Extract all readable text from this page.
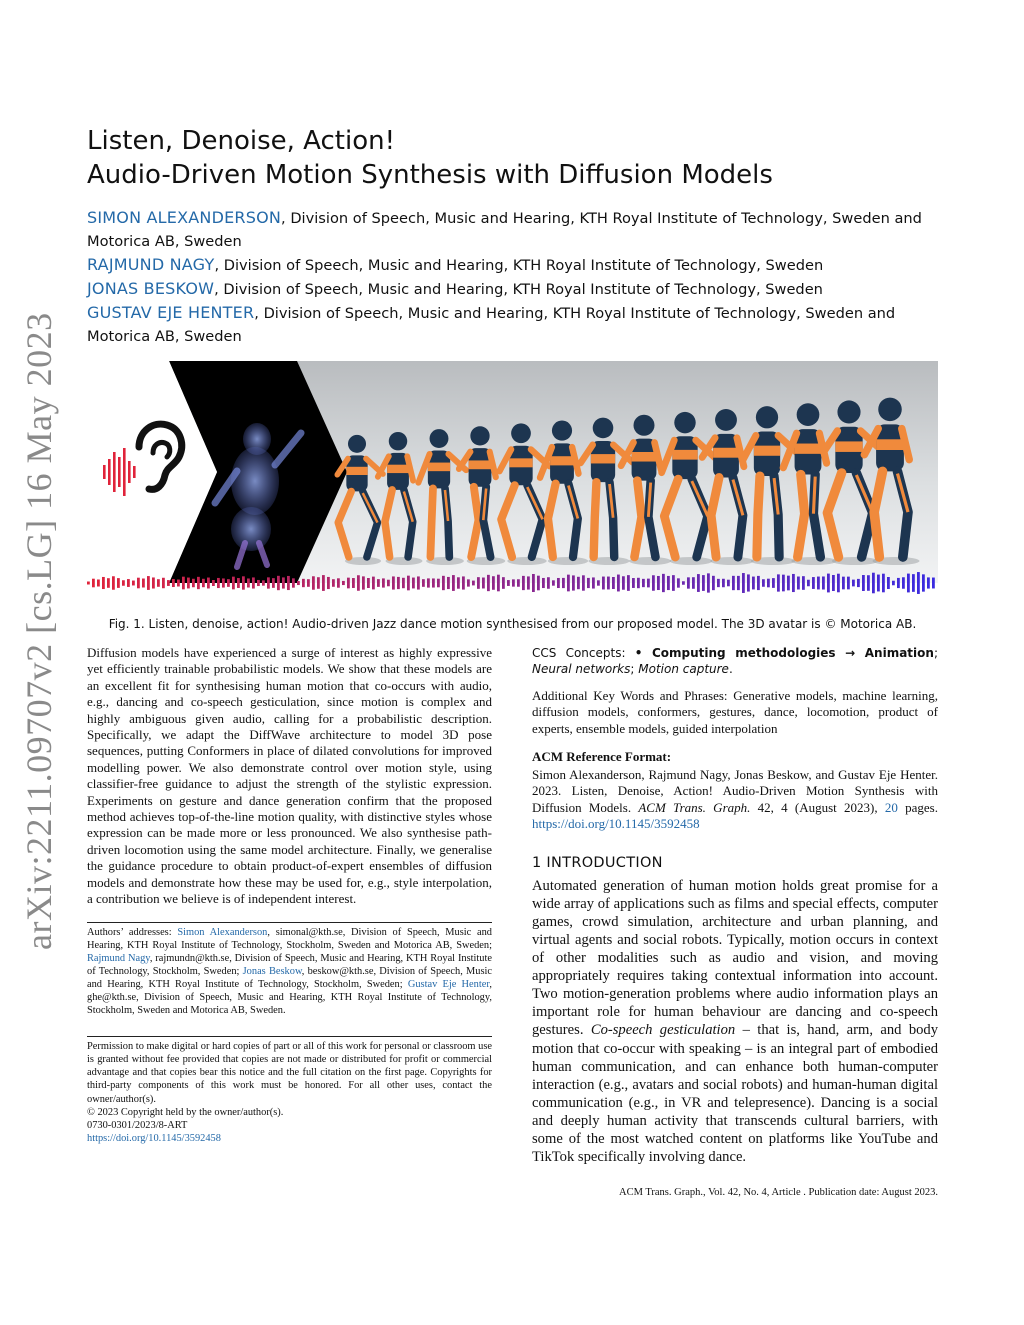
arXiv:2211.09707v2 [cs.LG] 16 May 2023
Listen, Denoise, Action!
Audio-Driven Motion Synthesis with Diffusion Models
SIMON ALEXANDERSON, Division of Speech, Music and Hearing, KTH Royal Institute of Technology, Sweden and Motorica AB, Sweden
RAJMUND NAGY, Division of Speech, Music and Hearing, KTH Royal Institute of Technology, Sweden
JONAS BESKOW, Division of Speech, Music and Hearing, KTH Royal Institute of Technology, Sweden
GUSTAV EJE HENTER, Division of Speech, Music and Hearing, KTH Royal Institute of Technology, Sweden and Motorica AB, Sweden
Fig. 1. Listen, denoise, action! Audio-driven Jazz dance motion synthesised from our proposed model. The 3D avatar is © Motorica AB.

Diffusion models have experienced a surge of interest as highly expressive yet efficiently trainable probabilistic models. We show that these models are an excellent fit for synthesising human motion that co-occurs with audio, e.g., dancing and co-speech gesticulation, since motion is complex and highly ambiguous given audio, calling for a probabilistic description. Specifically, we adapt the DiffWave architecture to model 3D pose sequences, putting Conformers in place of dilated convolutions for improved modelling power. We also demonstrate control over motion style, using classifier-free guidance to adjust the strength of the stylistic expression. Experiments on gesture and dance generation confirm that the proposed method achieves top-of-the-line motion quality, with distinctive styles whose expression can be made more or less pronounced. We also synthesise path-driven locomotion using the same model architecture. Finally, we generalise the guidance procedure to obtain product-of-expert ensembles of diffusion models and demonstrate how these may be used for, e.g., style interpolation, a contribution we believe is of independent interest.

Authors’ addresses: Simon Alexanderson, simonal@kth.se, Division of Speech, Music and Hearing, KTH Royal Institute of Technology, Stockholm, Sweden and Motorica AB, Sweden; Rajmund Nagy, rajmundn@kth.se, Division of Speech, Music and Hearing, KTH Royal Institute of Technology, Stockholm, Sweden; Jonas Beskow, beskow@kth.se, Division of Speech, Music and Hearing, KTH Royal Institute of Technology, Stockholm, Sweden; Gustav Eje Henter, ghe@kth.se, Division of Speech, Music and Hearing, KTH Royal Institute of Technology, Stockholm, Sweden and Motorica AB, Sweden.
Permission to make digital or hard copies of part or all of this work for personal or classroom use is granted without fee provided that copies are not made or distributed for profit or commercial advantage and that copies bear this notice and the full citation on the first page. Copyrights for third-party components of this work must be honored. For all other uses, contact the owner/author(s).
© 2023 Copyright held by the owner/author(s).
0730-0301/2023/8-ART
https://doi.org/10.1145/3592458

CCS Concepts: • Computing methodologies → Animation; Neural networks; Motion capture.

Additional Key Words and Phrases: Generative models, machine learning, diffusion models, conformers, gestures, dance, locomotion, product of experts, ensemble models, guided interpolation

ACM Reference Format:

Simon Alexanderson, Rajmund Nagy, Jonas Beskow, and Gustav Eje Henter. 2023. Listen, Denoise, Action! Audio-Driven Motion Synthesis with Diffusion Models. ACM Trans. Graph. 42, 4 (August 2023), 20 pages. https://doi.org/10.1145/3592458

1 INTRODUCTION

Automated generation of human motion holds great promise for a wide array of applications such as films and special effects, computer games, crowd simulation, architecture and urban planning, and virtual agents and social robots. Typically, motion occurs in context of other modalities such as audio and vision, and moving appropriately requires taking contextual information into account. Two motion-generation problems where audio information plays an important role for human behaviour are dancing and co-speech gestures. Co-speech gesticulation – that is, hand, arm, and body motion that co-occur with speaking – is an integral part of embodied human communication, and can enhance both human-computer interaction (e.g., avatars and social robots) and human-human digital communication (e.g., in VR and telepresence). Dancing is a social and deeply human activity that transcends cultural barriers, with some of the most watched content on platforms like YouTube and TikTok specifically involving dance.

ACM Trans. Graph., Vol. 42, No. 4, Article . Publication date: August 2023.
